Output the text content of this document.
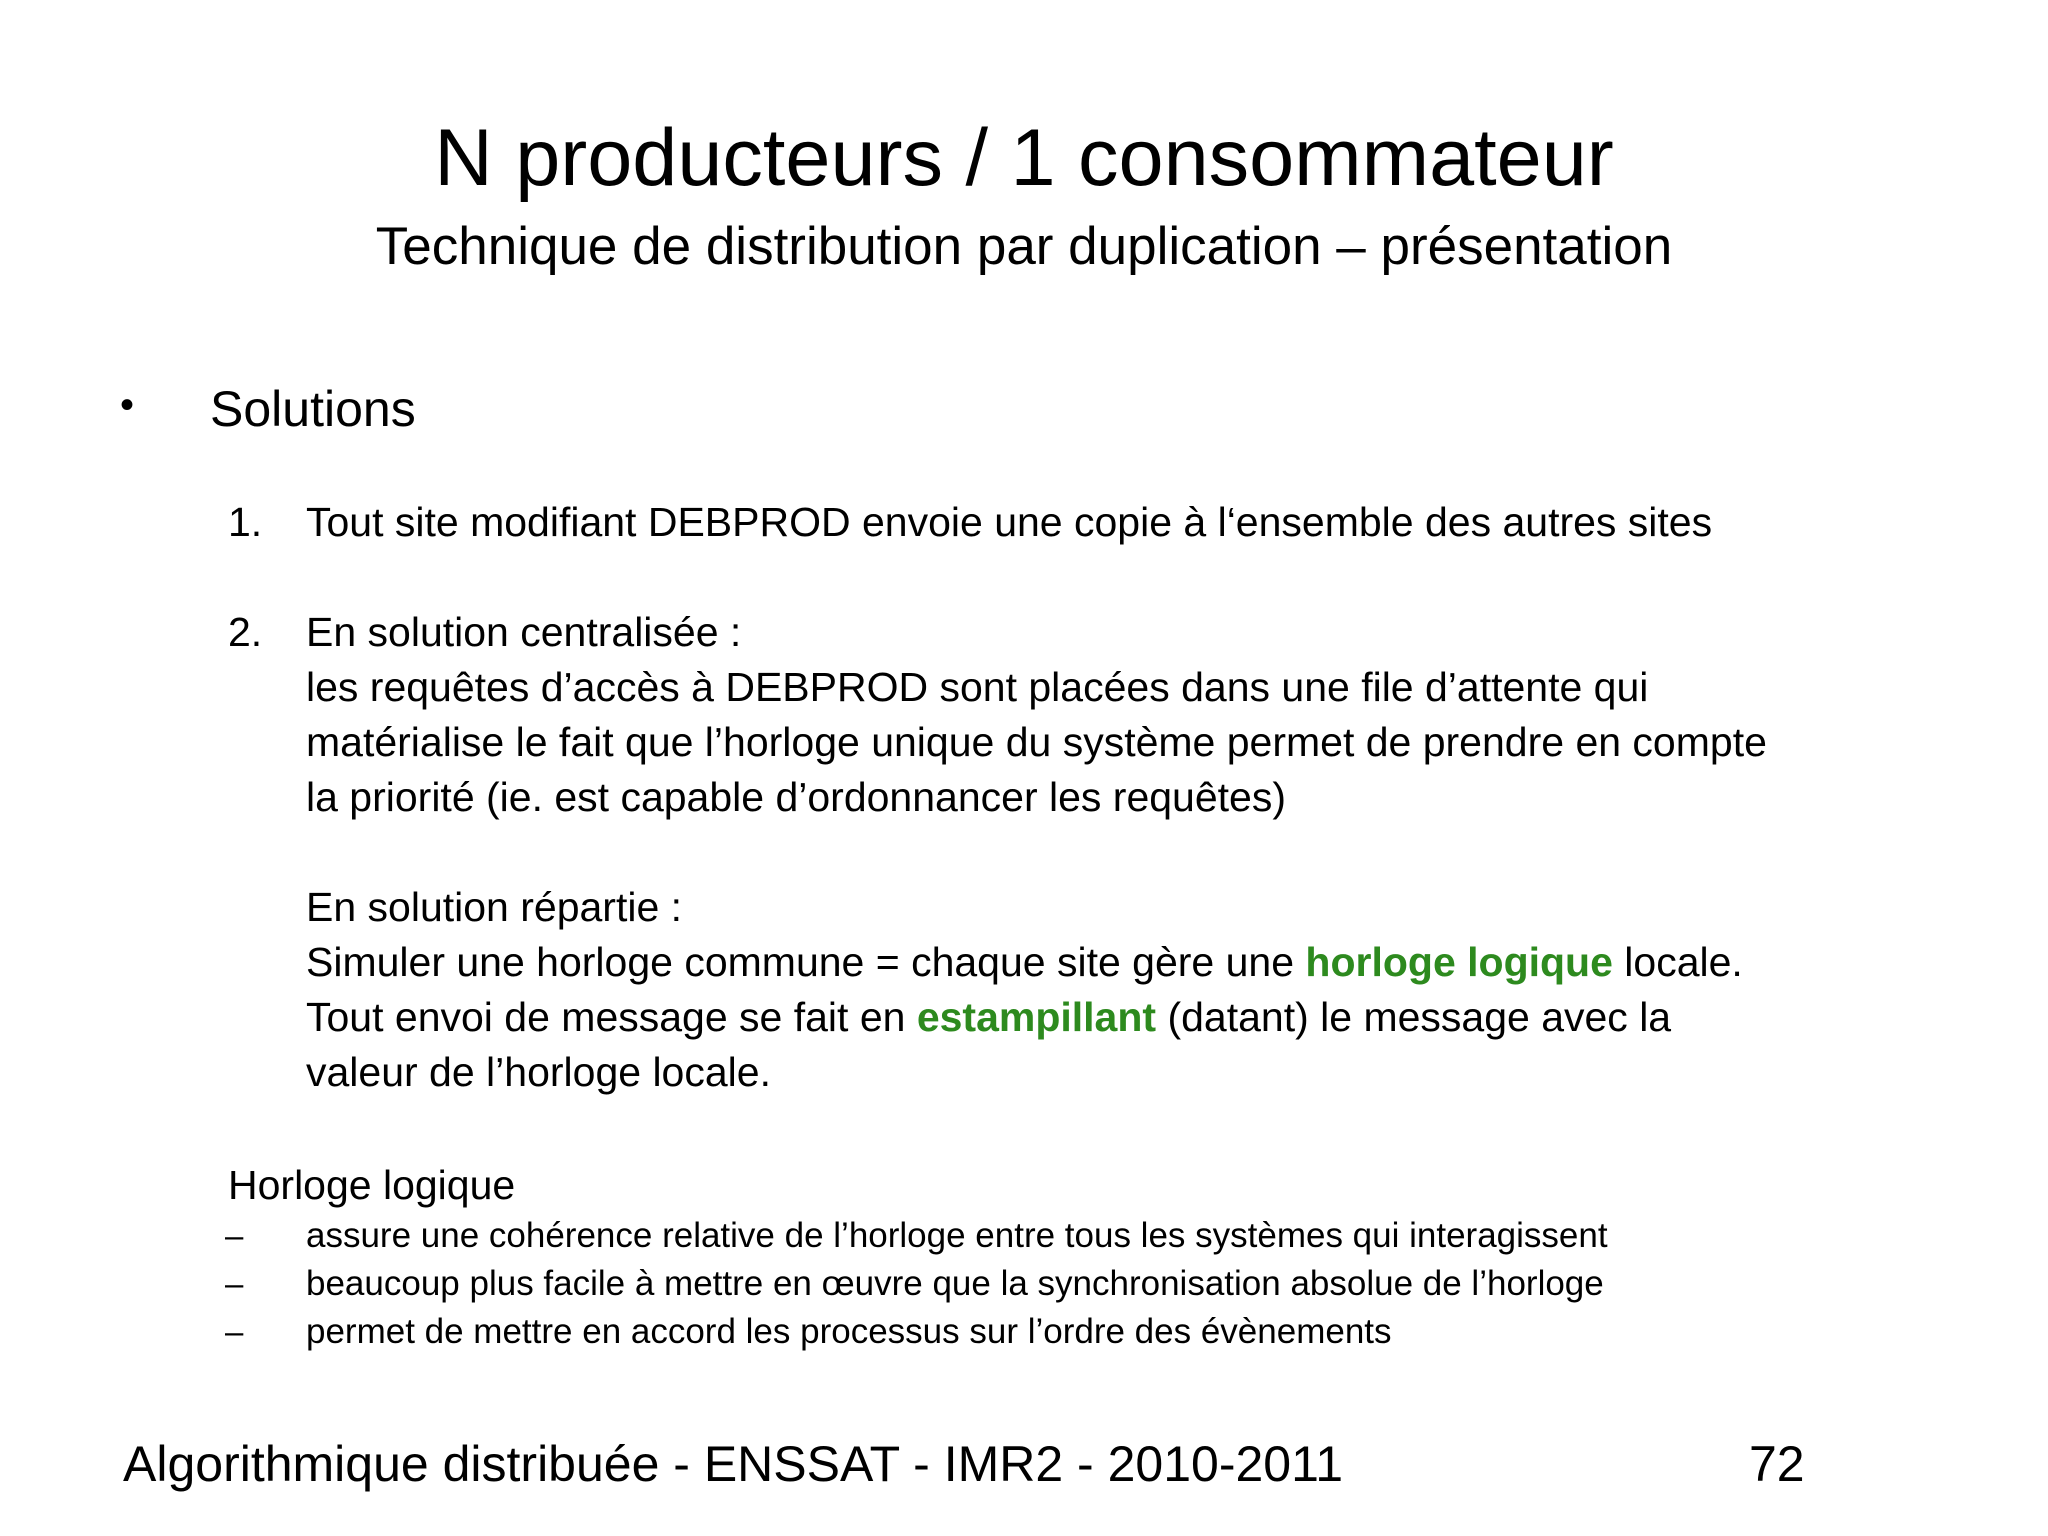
N producteurs / 1 consommateur
Technique de distribution par duplication – présentation
• Solutions
1. Tout site modifiant DEBPROD envoie une copie à l‘ensemble des autres sites
2. En solution centralisée :
les requêtes d’accès à DEBPROD sont placées dans une file d’attente qui
matérialise le fait que l’horloge unique du système permet de prendre en compte
la priorité (ie. est capable d’ordonnancer les requêtes)
En solution répartie :
Simuler une horloge commune = chaque site gère une horloge logique locale.
Tout envoi de message se fait en estampillant (datant) le message avec la
valeur de l’horloge locale.
Horloge logique
– assure une cohérence relative de l’horloge entre tous les systèmes qui interagissent
– beaucoup plus facile à mettre en œuvre que la synchronisation absolue de l’horloge
– permet de mettre en accord les processus sur l’ordre des évènements
Algorithmique distribuée - ENSSAT - IMR2 - 2010-2011	72
